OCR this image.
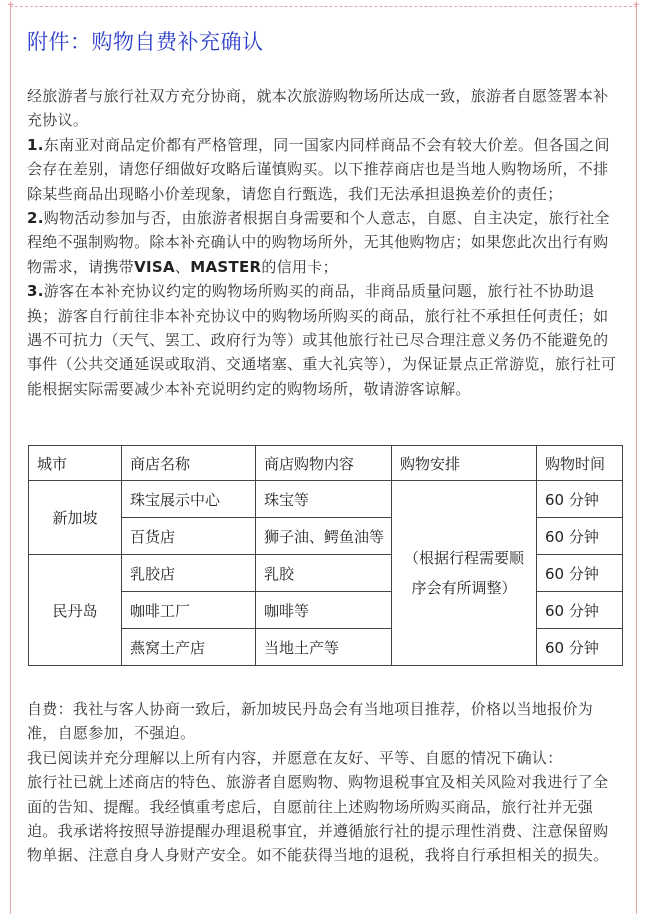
+	+
附件：购物自费补充确认

经旅游者与旅行社双方充分协商，就本次旅游购物场所达成一致，旅游者自愿签署本补充协议。

1.东南亚对商品定价都有严格管理，同一国家内同样商品不会有较大价差。但各国之间会存在差别，请您仔细做好攻略后谨慎购买。以下推荐商店也是当地人购物场所，不排除某些商品出现略小价差现象，请您自行甄选，我们无法承担退换差价的责任；

2.购物活动参加与否，由旅游者根据自身需要和个人意志，自愿、自主决定，旅行社全程绝不强制购物。除本补充确认中的购物场所外，无其他购物店；如果您此次出行有购物需求，请携带VISA、MASTER的信用卡；

3.游客在本补充协议约定的购物场所购买的商品，非商品质量问题，旅行社不协助退换；游客自行前往非本补充协议中的购物场所购买的商品，旅行社不承担任何责任；如遇不可抗力（天气、罢工、政府行为等）或其他旅行社已尽合理注意义务仍不能避免的事件（公共交通延误或取消、交通堵塞、重大礼宾等），为保证景点正常游览，旅行社可能根据实际需要减少本补充说明约定的购物场所，敬请游客谅解。

城市	商店名称	商店购物内容	购物安排	购物时间
新加坡	珠宝展示中心	珠宝等	（根据行程需要顺序会有所调整）	60 分钟
	百货店	狮子油、鳄鱼油等		60 分钟
民丹岛	乳胶店	乳胶		60 分钟
	咖啡工厂	咖啡等		60 分钟
	燕窝土产店	当地土产等		60 分钟

自费：我社与客人协商一致后，新加坡民丹岛会有当地项目推荐，价格以当地报价为准，自愿参加，不强迫。

我已阅读并充分理解以上所有内容，并愿意在友好、平等、自愿的情况下确认：

旅行社已就上述商店的特色、旅游者自愿购物、购物退税事宜及相关风险对我进行了全面的告知、提醒。我经慎重考虑后，自愿前往上述购物场所购买商品，旅行社并无强迫。我承诺将按照导游提醒办理退税事宜，并遵循旅行社的提示理性消费、注意保留购物单据、注意自身人身财产安全。如不能获得当地的退税，我将自行承担相关的损失。
